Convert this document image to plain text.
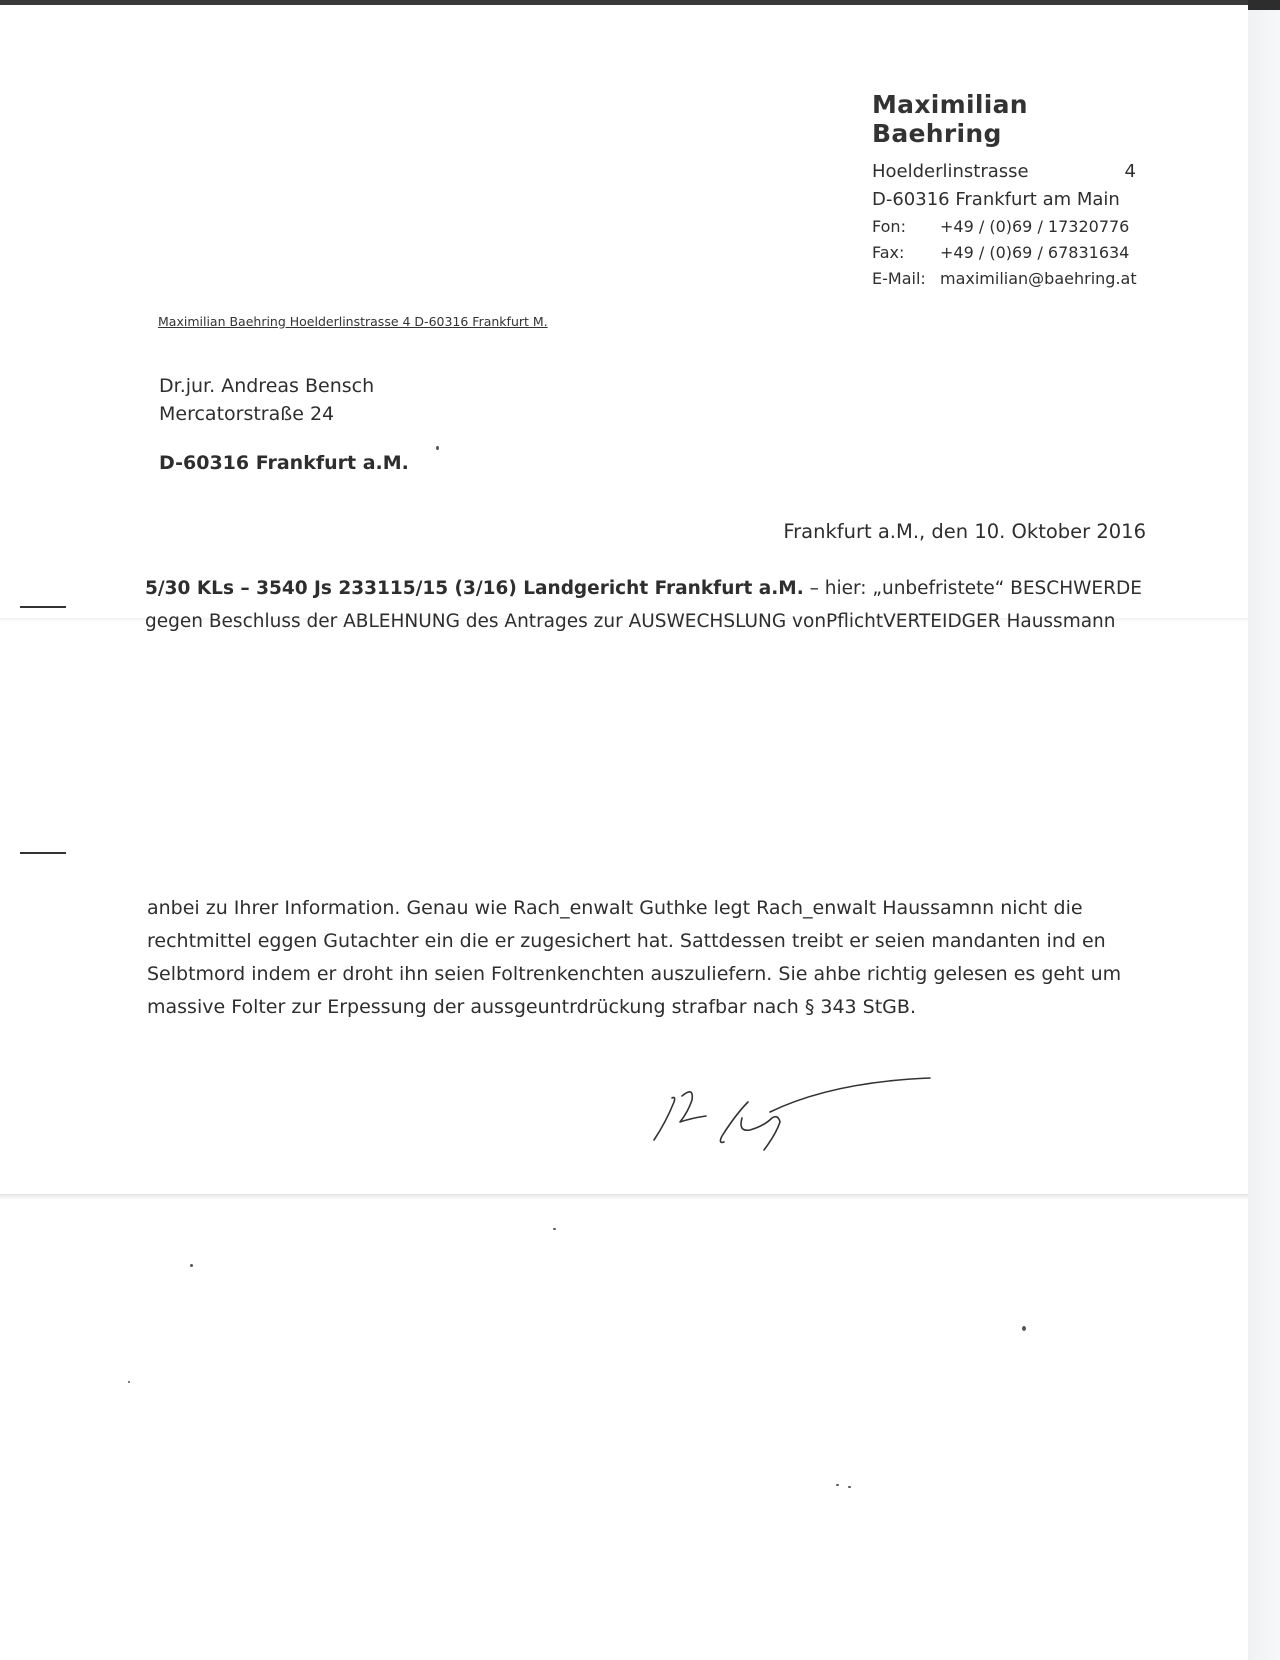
Maximilian Baehring
Hoelderlinstrasse	4
D-60316 Frankfurt am Main
Fon: +49 / (0)69 / 17320776
Fax: +49 / (0)69 / 67831634
E-Mail: maximilian@baehring.at
Maximilian Baehring Hoelderlinstrasse 4 D-60316 Frankfurt M.
Dr.jur. Andreas Bensch
Mercatorstraße 24
D-60316 Frankfurt a.M.
Frankfurt a.M., den 10. Oktober 2016
5/30 KLs – 3540 Js 233115/15 (3/16) Landgericht Frankfurt a.M. – hier: „unbefristete“ BESCHWERDE
gegen Beschluss der ABLEHNUNG des Antrages zur AUSWECHSLUNG vonPflichtVERTEIDGER Haussmann
anbei zu Ihrer Information. Genau wie Rach_enwalt Guthke legt Rach_enwalt Haussamnn nicht die
rechtmittel eggen Gutachter ein die er zugesichert hat. Sattdessen treibt er seien mandanten ind en
Selbtmord indem er droht ihn seien Foltrenkenchten auszuliefern. Sie ahbe richtig gelesen es geht um
massive Folter zur Erpessung der aussgeuntrdrückung strafbar nach § 343 StGB.
